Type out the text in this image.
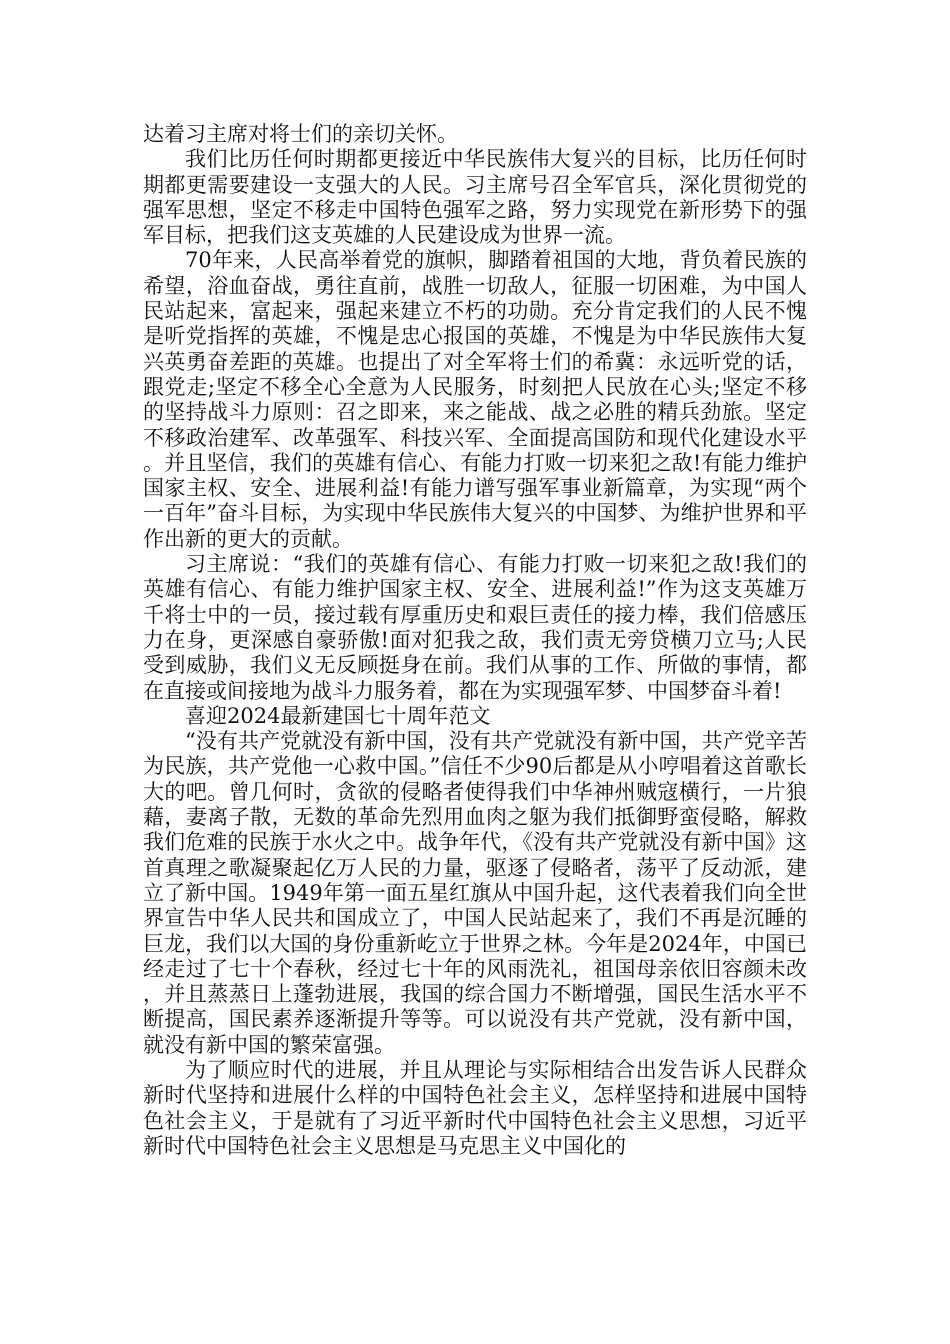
达着习主席对将士们的亲切关怀。

我们比历任何时期都更接近中华民族伟大复兴的目标，比历任何时期都更需要建设一支强大的人民。习主席号召全军官兵，深化贯彻党的强军思想，坚定不移走中国特色强军之路，努力实现党在新形势下的强军目标，把我们这支英雄的人民建设成为世界一流。

70年来，人民高举着党的旗帜，脚踏着祖国的大地，背负着民族的希望，浴血奋战，勇往直前，战胜一切敌人，征服一切困难，为中国人民站起来，富起来，强起来建立不朽的功勋。充分肯定我们的人民不愧是听党指挥的英雄，不愧是忠心报国的英雄，不愧是为中华民族伟大复兴英勇奋差距的英雄。也提出了对全军将士们的希冀：永远听党的话，跟党走;坚定不移全心全意为人民服务，时刻把人民放在心头;坚定不移的坚持战斗力原则：召之即来，来之能战、战之必胜的精兵劲旅。坚定不移政治建军、改革强军、科技兴军、全面提高国防和现代化建设水平。并且坚信，我们的英雄有信心、有能力打败一切来犯之敌!有能力维护国家主权、安全、进展利益!有能力谱写强军事业新篇章，为实现“两个一百年”奋斗目标，为实现中华民族伟大复兴的中国梦、为维护世界和平作出新的更大的贡献。

习主席说：“我们的英雄有信心、有能力打败一切来犯之敌!我们的英雄有信心、有能力维护国家主权、安全、进展利益!”作为这支英雄万千将士中的一员，接过载有厚重历史和艰巨责任的接力棒，我们倍感压力在身，更深感自豪骄傲!面对犯我之敌，我们责无旁贷横刀立马;人民受到威胁，我们义无反顾挺身在前。我们从事的工作、所做的事情，都在直接或间接地为战斗力服务着，都在为实现强军梦、中国梦奋斗着!

喜迎2024最新建国七十周年范文

“没有共产党就没有新中国，没有共产党就没有新中国，共产党辛苦为民族，共产党他一心救中国。”信任不少90后都是从小哼唱着这首歌长大的吧。曾几何时，贪欲的侵略者使得我们中华神州贼寇横行，一片狼藉，妻离子散，无数的革命先烈用血肉之躯为我们抵御野蛮侵略，解救我们危难的民族于水火之中。战争年代，《没有共产党就没有新中国》这首真理之歌凝聚起亿万人民的力量，驱逐了侵略者，荡平了反动派，建立了新中国。1949年第一面五星红旗从中国升起，这代表着我们向全世界宣告中华人民共和国成立了，中国人民站起来了，我们不再是沉睡的巨龙，我们以大国的身份重新屹立于世界之林。今年是2024年，中国已经走过了七十个春秋，经过七十年的风雨洗礼，祖国母亲依旧容颜未改，并且蒸蒸日上蓬勃进展，我国的综合国力不断增强，国民生活水平不断提高，国民素养逐渐提升等等。可以说没有共产党就，没有新中国，就没有新中国的繁荣富强。

为了顺应时代的进展，并且从理论与实际相结合出发告诉人民群众新时代坚持和进展什么样的中国特色社会主义，怎样坚持和进展中国特色社会主义，于是就有了习近平新时代中国特色社会主义思想，习近平新时代中国特色社会主义思想是马克思主义中国化的
